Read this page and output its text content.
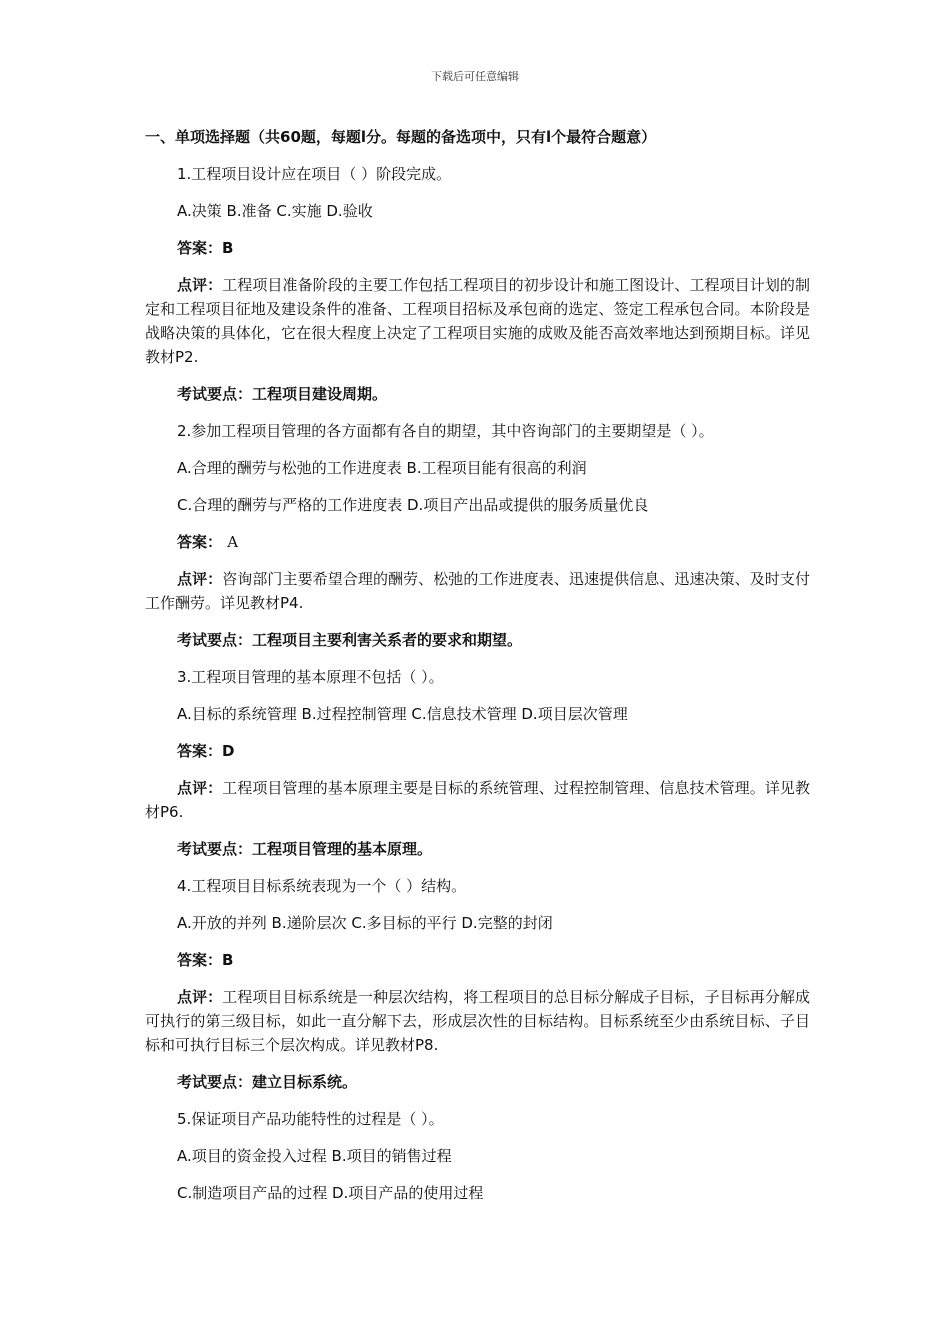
下载后可任意编辑
一、单项选择题（共60题，每题l分。每题的备选项中，只有l个最符合题意）
1.工程项目设计应在项目（ ）阶段完成。
A.决策 B.准备 C.实施 D.验收
答案：B
点评：工程项目准备阶段的主要工作包括工程项目的初步设计和施工图设计、工程项目计划的制定和工程项目征地及建设条件的准备、工程项目招标及承包商的选定、签定工程承包合同。本阶段是战略决策的具体化，它在很大程度上决定了工程项目实施的成败及能否高效率地达到预期目标。详见教材P2.
考试要点：工程项目建设周期。
2.参加工程项目管理的各方面都有各自的期望，其中咨询部门的主要期望是（ ）。
A.合理的酬劳与松弛的工作进度表 B.工程项目能有很高的利润
C.合理的酬劳与严格的工作进度表 D.项目产出品或提供的服务质量优良
答案： A
点评：咨询部门主要希望合理的酬劳、松弛的工作进度表、迅速提供信息、迅速决策、及时支付工作酬劳。详见教材P4.
考试要点：工程项目主要利害关系者的要求和期望。
3.工程项目管理的基本原理不包括（ ）。
A.目标的系统管理 B.过程控制管理 C.信息技术管理 D.项目层次管理
答案：D
点评：工程项目管理的基本原理主要是目标的系统管理、过程控制管理、信息技术管理。详见教材P6.
考试要点：工程项目管理的基本原理。
4.工程项目目标系统表现为一个（ ）结构。
A.开放的并列 B.递阶层次 C.多目标的平行 D.完整的封闭
答案：B
点评：工程项目目标系统是一种层次结构，将工程项目的总目标分解成子目标，子目标再分解成可执行的第三级目标，如此一直分解下去，形成层次性的目标结构。目标系统至少由系统目标、子目标和可执行目标三个层次构成。详见教材P8.
考试要点：建立目标系统。
5.保证项目产品功能特性的过程是（ ）。
A.项目的资金投入过程 B.项目的销售过程
C.制造项目产品的过程 D.项目产品的使用过程
